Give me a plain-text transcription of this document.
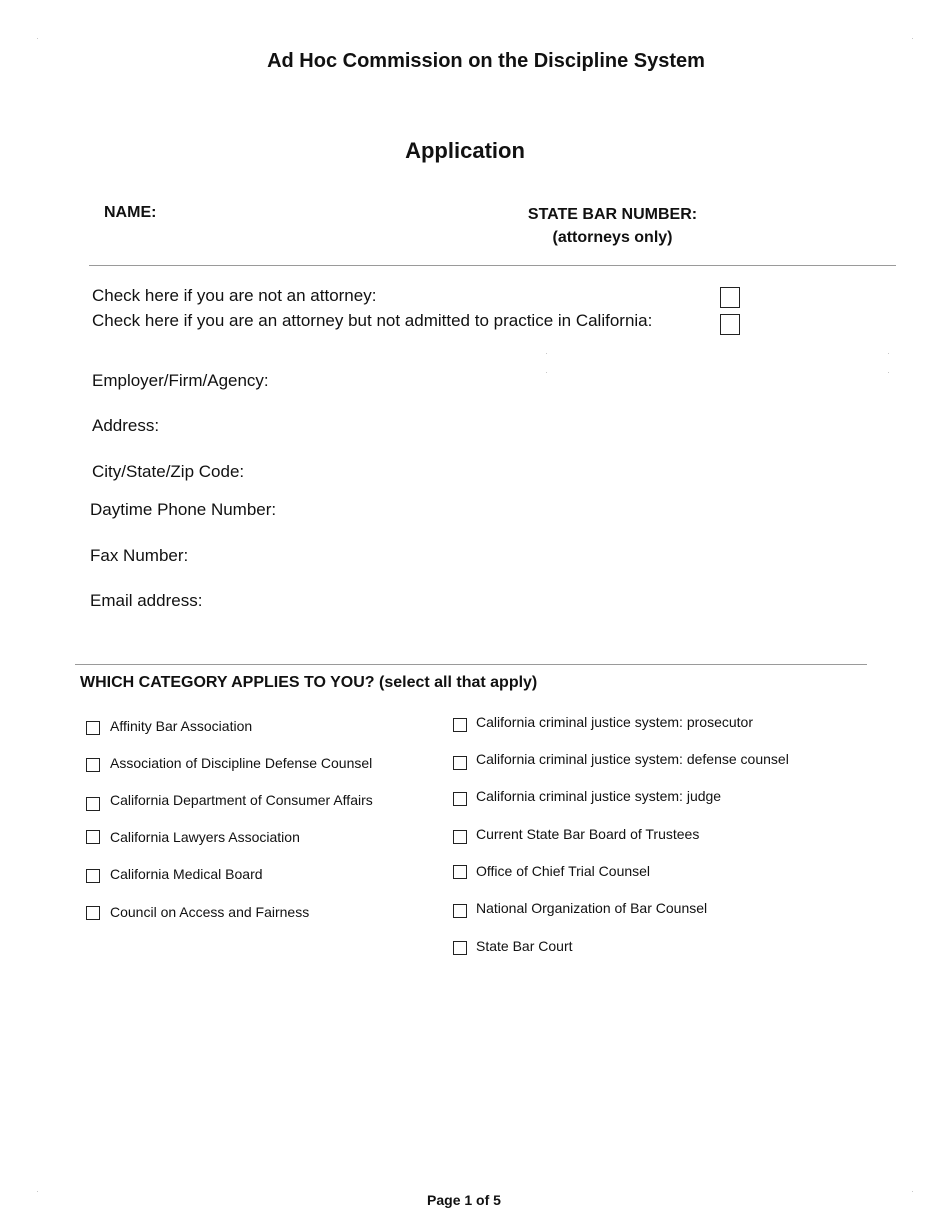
Ad Hoc Commission on the Discipline System
Application
NAME:	STATE BAR NUMBER:
(attorneys only)
Check here if you are not an attorney:
Check here if you are an attorney but not admitted to practice in California:
Employer/Firm/Agency:
Address:
City/State/Zip Code:
Daytime Phone Number:
Fax Number:
Email address:
WHICH CATEGORY APPLIES TO YOU? (select all that apply)
Affinity Bar Association
Association of Discipline Defense Counsel
California Department of Consumer Affairs
California Lawyers Association
California Medical Board
Council on Access and Fairness
California criminal justice system: prosecutor
California criminal justice system: defense counsel
California criminal justice system: judge
Current State Bar Board of Trustees
Office of Chief Trial Counsel
National Organization of Bar Counsel
State Bar Court
Page 1 of 5
